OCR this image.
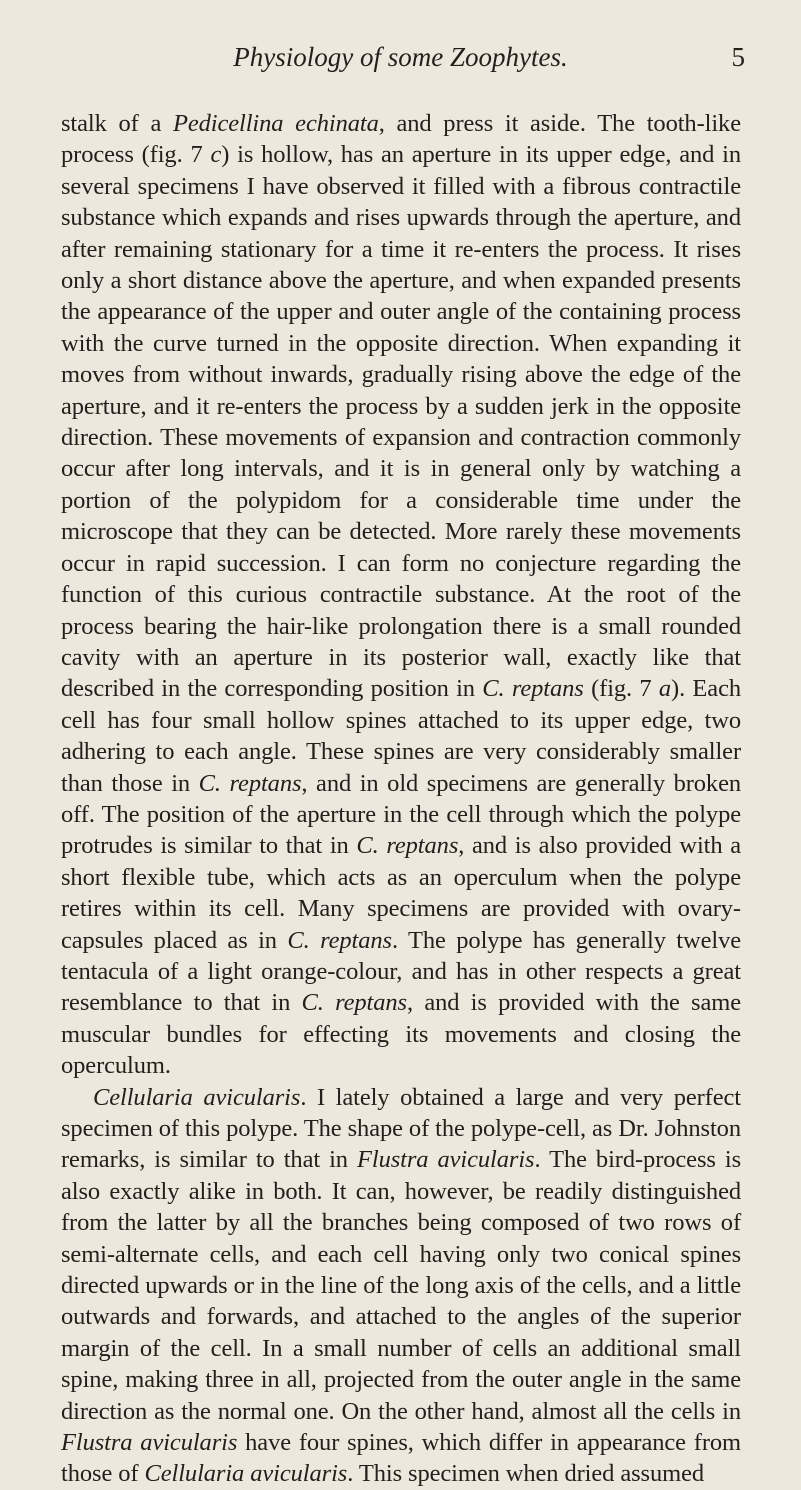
Physiology of some Zoophytes.	5

stalk of a Pedicellina echinata, and press it aside. The tooth-like process (fig. 7 c) is hollow, has an aperture in its upper edge, and in several specimens I have observed it filled with a fibrous contractile substance which expands and rises upwards through the aperture, and after remaining stationary for a time it re-enters the process. It rises only a short distance above the aperture, and when expanded presents the appearance of the upper and outer angle of the containing process with the curve turned in the opposite direction. When expanding it moves from without inwards, gradually rising above the edge of the aperture, and it re-enters the process by a sudden jerk in the opposite direction. These movements of expansion and contraction commonly occur after long intervals, and it is in general only by watching a portion of the polypidom for a considerable time under the microscope that they can be detected. More rarely these movements occur in rapid succession. I can form no conjecture regarding the function of this curious contractile substance. At the root of the process bearing the hair-like prolongation there is a small rounded cavity with an aperture in its posterior wall, exactly like that described in the corresponding position in C. reptans (fig. 7 a). Each cell has four small hollow spines attached to its upper edge, two adhering to each angle. These spines are very considerably smaller than those in C. reptans, and in old specimens are generally broken off. The position of the aperture in the cell through which the polype protrudes is similar to that in C. reptans, and is also provided with a short flexible tube, which acts as an operculum when the polype retires within its cell. Many specimens are provided with ovary-capsules placed as in C. reptans. The polype has generally twelve tentacula of a light orange-colour, and has in other respects a great resemblance to that in C. reptans, and is provided with the same muscular bundles for effecting its movements and closing the operculum.

Cellularia avicularis. I lately obtained a large and very perfect specimen of this polype. The shape of the polype-cell, as Dr. Johnston remarks, is similar to that in Flustra avicularis. The bird-process is also exactly alike in both. It can, however, be readily distinguished from the latter by all the branches being composed of two rows of semi-alternate cells, and each cell having only two conical spines directed upwards or in the line of the long axis of the cells, and a little outwards and forwards, and attached to the angles of the superior margin of the cell. In a small number of cells an additional small spine, making three in all, projected from the outer angle in the same direction as the normal one. On the other hand, almost all the cells in Flustra avicularis have four spines, which differ in appearance from those of Cellularia avicularis. This specimen when dried assumed
